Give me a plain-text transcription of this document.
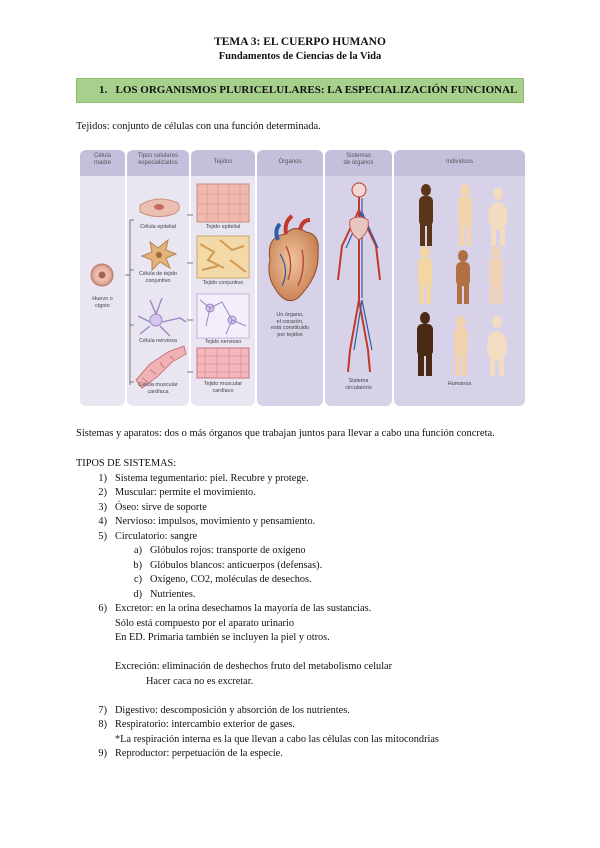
TEMA 3: EL CUERPO HUMANO
Fundamentos de Ciencias de la Vida
1. LOS ORGANISMOS PLURICELULARES: LA ESPECIALIZACIÓN FUNCIONAL
Tejidos: conjunto de células con una función determinada.
Célula
madre
Tipos celulares
especializados	Tejidos	Órganos
Sistemas
de órganos	Individuos
Huevo o
cigoto
Célula epitelial
Célula de tejido
conjuntivo
Célula nerviosa
Célula muscular
cardíaca
Tejido epitelial
Tejido conjuntivo
Tejido nervioso
Tejido muscular
cardíaco
Un órgano,
el corazón,
está constituido
por tejidos
Sistema
circulatorio
Humanos
Sistemas y aparatos: dos o más órganos que trabajan juntos para llevar a cabo una función concreta.
TIPOS DE SISTEMAS:
1) Sistema tegumentario: piel. Recubre y protege.
2) Muscular: permite el movimiento.
3) Óseo: sirve de soporte
4) Nervioso: impulsos, movimiento y pensamiento.
5) Circulatorio: sangre
a) Glóbulos rojos: transporte de oxígeno
b) Glóbulos blancos: anticuerpos (defensas).
c) Oxígeno, CO2, moléculas de desechos.
d) Nutrientes.
6) Excretor: en la orina desechamos la mayoría de las sustancias.
Sólo está compuesto por el aparato urinario
En ED. Primaria también se incluyen la piel y otros.
Excreción: eliminación de deshechos fruto del metabolismo celular
Hacer caca no es excretar.
7) Digestivo: descomposición y absorción de los nutrientes.
8) Respiratorio: intercambio exterior de gases.
*La respiración interna es la que llevan a cabo las células con las mitocondrias
9) Reproductor: perpetuación de la especie.
